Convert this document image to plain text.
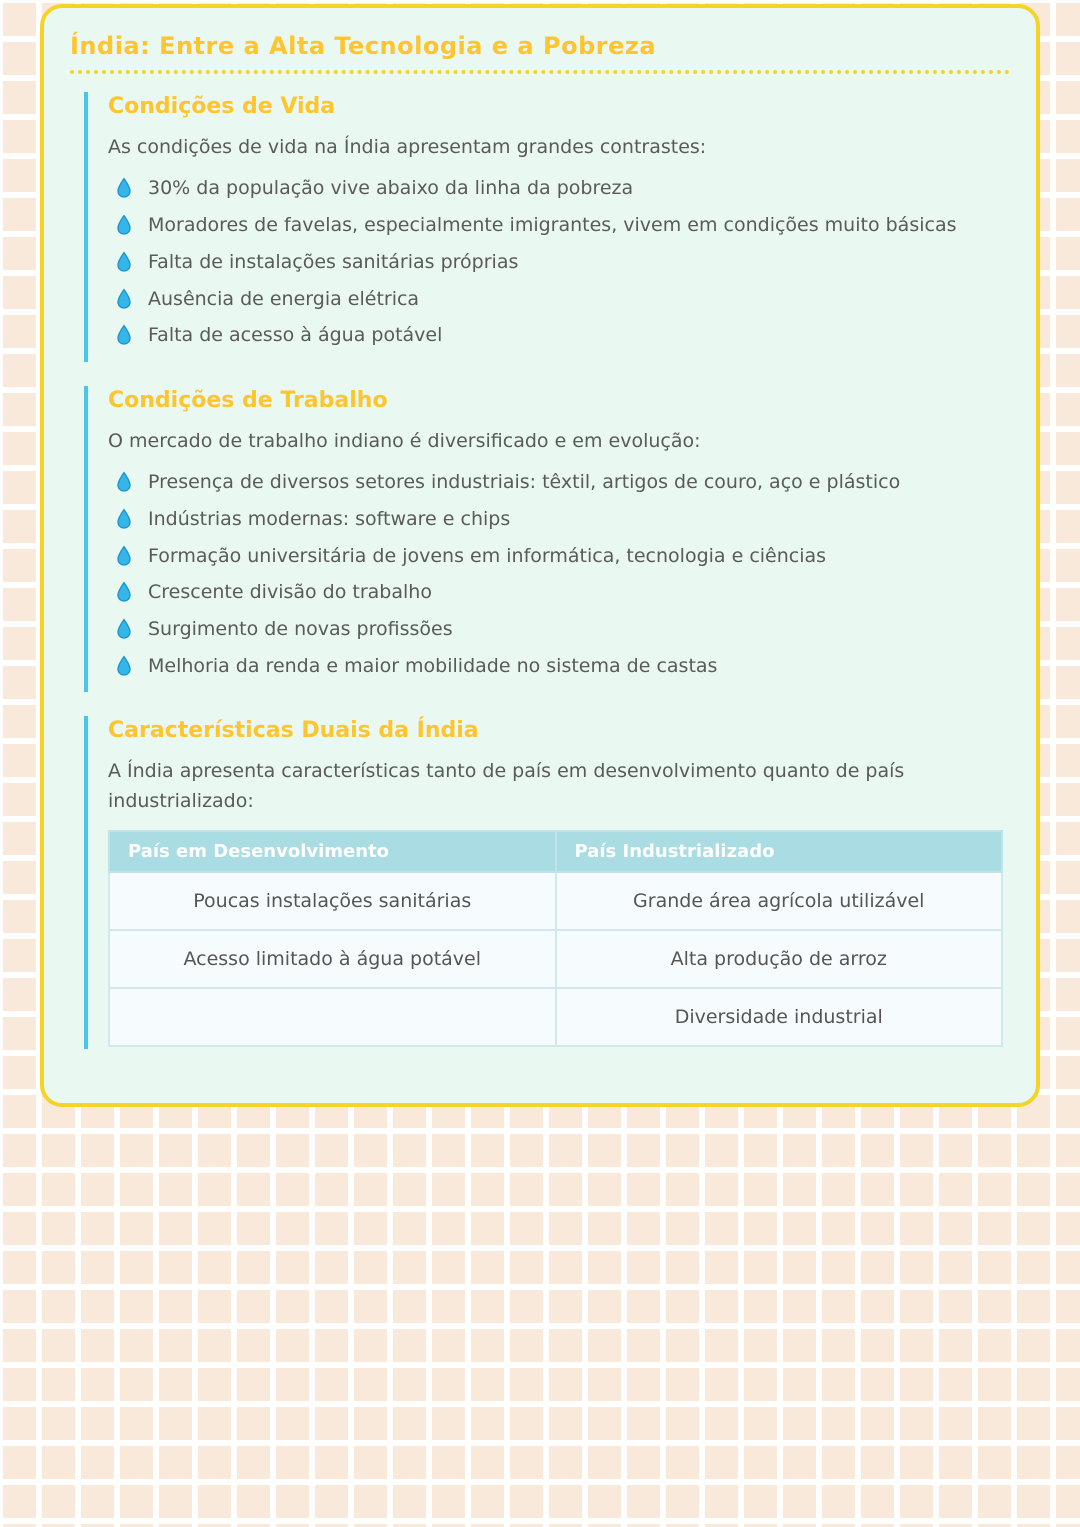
Índia: Entre a Alta Tecnologia e a Pobreza
Condições de Vida

As condições de vida na Índia apresentam grandes contrastes:

30% da população vive abaixo da linha da pobreza
Moradores de favelas, especialmente imigrantes, vivem em condições muito básicas
Falta de instalações sanitárias próprias
Ausência de energia elétrica
Falta de acesso à água potável
Condições de Trabalho

O mercado de trabalho indiano é diversificado e em evolução:

Presença de diversos setores industriais: têxtil, artigos de couro, aço e plástico
Indústrias modernas: software e chips
Formação universitária de jovens em informática, tecnologia e ciências
Crescente divisão do trabalho
Surgimento de novas profissões
Melhoria da renda e maior mobilidade no sistema de castas
Características Duais da Índia

A Índia apresenta características tanto de país em desenvolvimento quanto de país industrializado:

País em Desenvolvimento	País Industrializado
Poucas instalações sanitárias	Grande área agrícola utilizável
Acesso limitado à água potável	Alta produção de arroz
	Diversidade industrial
